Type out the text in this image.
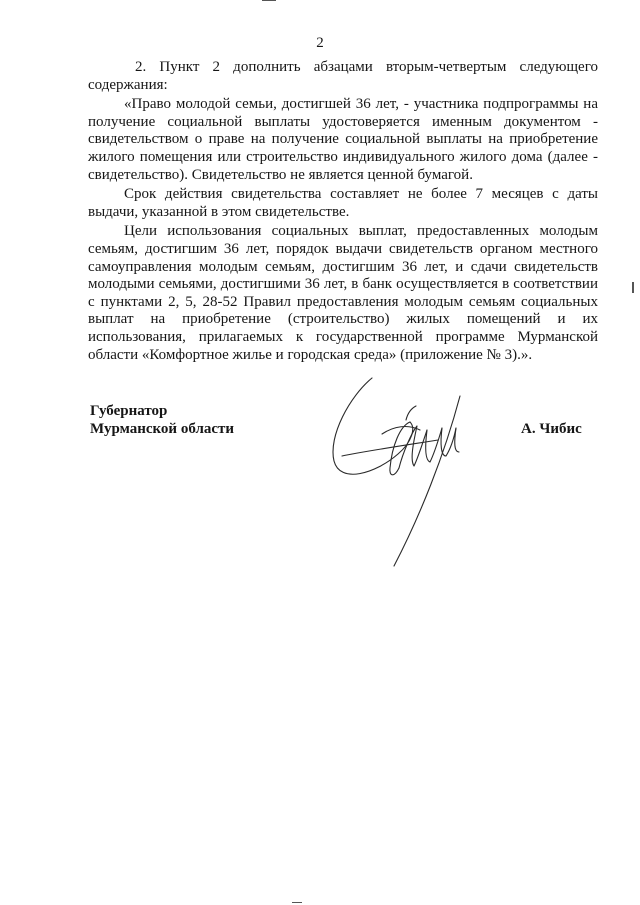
2

2. Пункт 2 дополнить абзацами вторым-четвертым следующего содержания:

«Право молодой семьи, достигшей 36 лет, - участника подпрограммы на получение социальной выплаты удостоверяется именным документом - свидетельством о праве на получение социальной выплаты на приобретение жилого помещения или строительство индивидуального жилого дома (далее - свидетельство). Свидетельство не является ценной бумагой.

Срок действия свидетельства составляет не более 7 месяцев с даты выдачи, указанной в этом свидетельстве.

Цели использования социальных выплат, предоставленных молодым семьям, достигшим 36 лет, порядок выдачи свидетельств органом местного самоуправления молодым семьям, достигшим 36 лет, и сдачи свидетельств молодыми семьями, достигшими 36 лет, в банк осуществляется в соответствии с пунктами 2, 5, 28-52 Правил предоставления молодым семьям социальных выплат на приобретение (строительство) жилых помещений и их использования, прилагаемых к государственной программе Мурманской области «Комфортное жилье и городская среда» (приложение № 3).».

Губернатор
Мурманской области	А. Чибис
